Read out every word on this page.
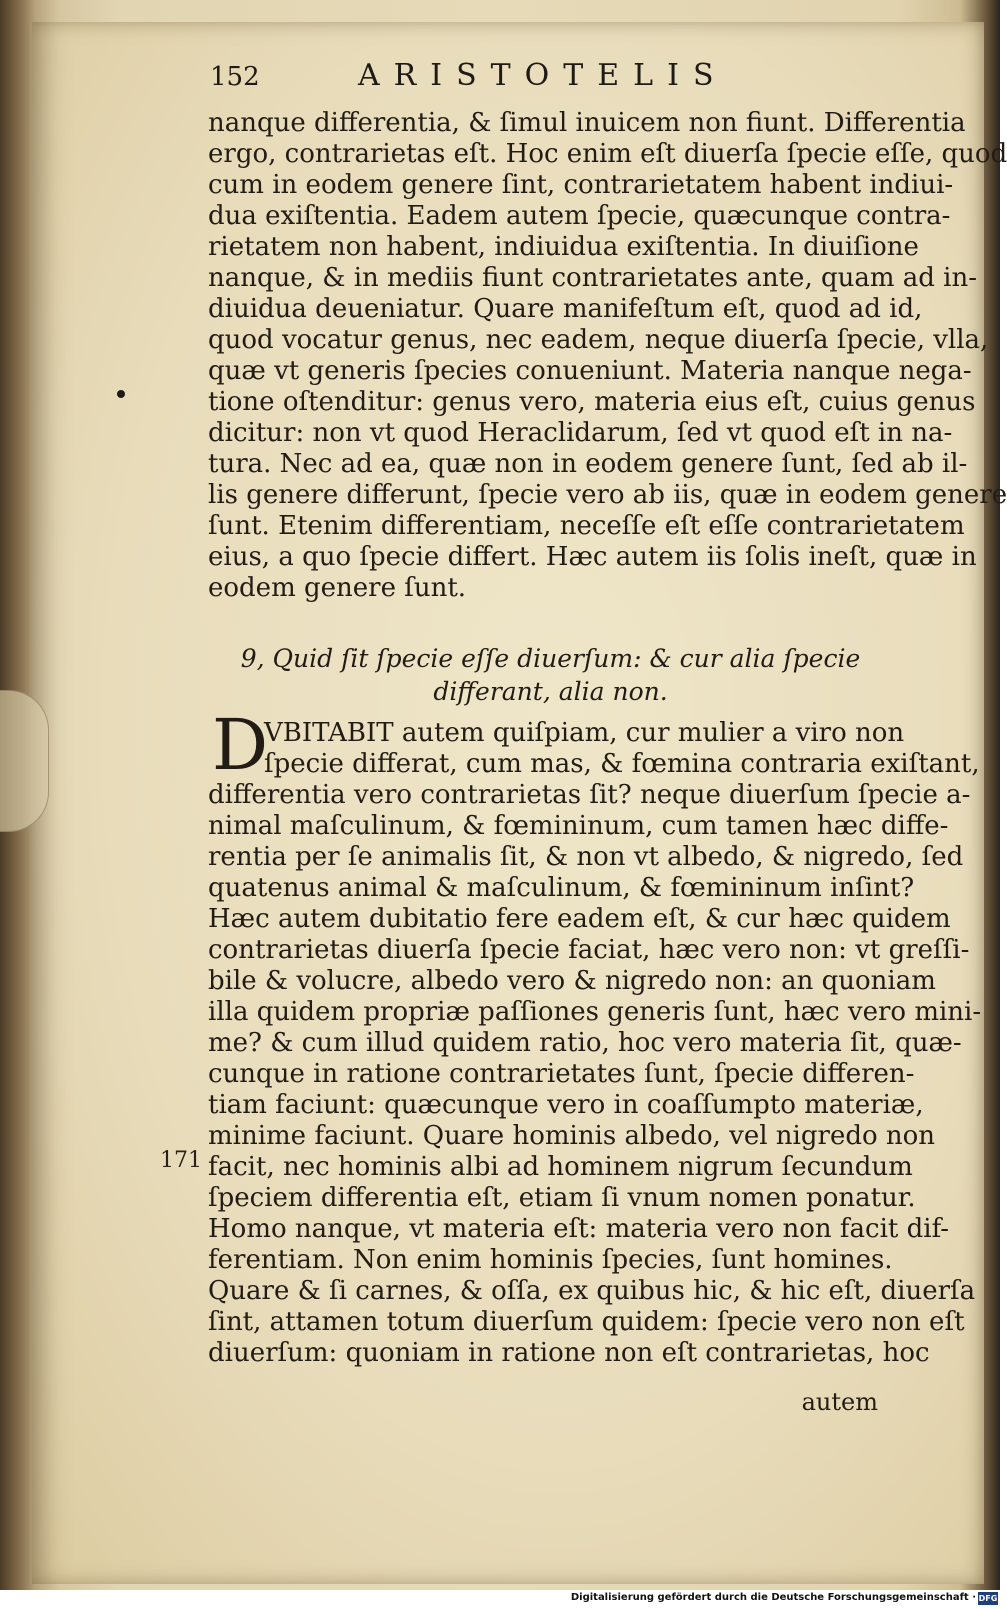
152	ARISTOTELIS
nanque differentia, & ſimul inuicem non fiunt. Differentia
ergo, contrarietas eſt. Hoc enim eſt diuerſa ſpecie eſſe, quod
cum in eodem genere ſint, contrarietatem habent indiui-
dua exiſtentia. Eadem autem ſpecie, quæcunque contra-
rietatem non habent, indiuidua exiſtentia. In diuiſione
nanque, & in mediis fiunt contrarietates ante, quam ad in-
diuidua deueniatur. Quare manifeſtum eſt, quod ad id,
quod vocatur genus, nec eadem, neque diuerſa ſpecie, vlla,
quæ vt generis ſpecies conueniunt. Materia nanque nega-
tione oſtenditur: genus vero, materia eius eſt, cuius genus
dicitur: non vt quod Heraclidarum, ſed vt quod eſt in na-
tura. Nec ad ea, quæ non in eodem genere ſunt, ſed ab il-
lis genere differunt, ſpecie vero ab iis, quæ in eodem genere
ſunt. Etenim differentiam, neceſſe eſt eſſe contrarietatem
eius, a quo ſpecie differt. Hæc autem iis ſolis ineſt, quæ in
eodem genere ſunt.
9, Quid ſit ſpecie eſſe diuerſum: & cur alia ſpecie
differant, alia non.
D
VBITABIT autem quiſpiam, cur mulier a viro non
ſpecie differat, cum mas, & fœmina contraria exiſtant,
differentia vero contrarietas ſit? neque diuerſum ſpecie a-
nimal maſculinum, & fœmininum, cum tamen hæc diffe-
rentia per ſe animalis ſit, & non vt albedo, & nigredo, ſed
quatenus animal & maſculinum, & fœmininum inſint?
Hæc autem dubitatio fere eadem eſt, & cur hæc quidem
contrarietas diuerſa ſpecie faciat, hæc vero non: vt greſſi-
bile & volucre, albedo vero & nigredo non: an quoniam
illa quidem propriæ paſſiones generis ſunt, hæc vero mini-
me? & cum illud quidem ratio, hoc vero materia ſit, quæ-
cunque in ratione contrarietates ſunt, ſpecie differen-
tiam faciunt: quæcunque vero in coaſſumpto materiæ,
minime faciunt. Quare hominis albedo, vel nigredo non
facit, nec hominis albi ad hominem nigrum ſecundum
ſpeciem differentia eſt, etiam ſi vnum nomen ponatur.
Homo nanque, vt materia eſt: materia vero non facit dif-
ferentiam. Non enim hominis ſpecies, ſunt homines.
Quare & ſi carnes, & oſſa, ex quibus hic, & hic eſt, diuerſa
ſint, attamen totum diuerſum quidem: ſpecie vero non eſt
diuerſum: quoniam in ratione non eſt contrarietas, hoc
171
autem
Digitalisierung gefördert durch die Deutsche Forschungsgemeinschaft · DFG
